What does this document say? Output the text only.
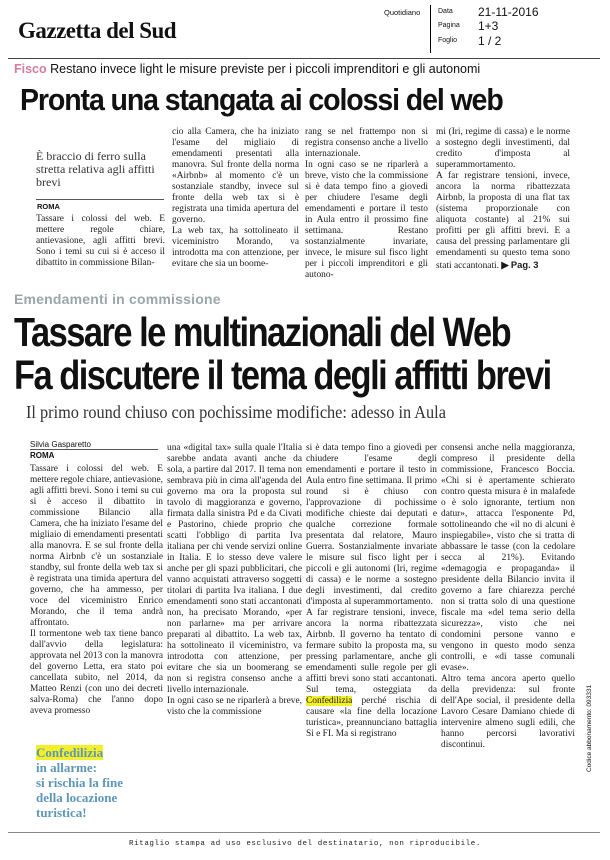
Gazzetta del Sud
Quotidiano	Data 21-11-2016
Pagina 1+3
Foglio 1 / 2
Fisco Restano invece light le misure previste per i piccoli imprenditori e gli autonomi
Pronta una stangata ai colossi del web
È braccio di ferro sulla stretta relativa agli affitti brevi
ROMA
Tassare i colossi del web. E mettere regole chiare, antievasione, agli affitti brevi. Sono i temi su cui si è acceso il dibattito in commissione Bilan-
cio alla Camera, che ha iniziato l'esame del migliaio di emendamenti presentati alla manovra. Sul fronte della norma «Airbnb» al momento c'è un sostanziale standby, invece sul fronte della web tax si è registrata una timida apertura del governo.
La web tax, ha sottolineato il viceministro Morando, va introdotta ma con attenzione, per evitare che sia un boome-
rang se nel frattempo non si registra consenso anche a livello internazionale.
In ogni caso se ne riparlerà a breve, visto che la commissione si è data tempo fino a giovedì per chiudere l'esame degli emendamenti e portare il testo in Aula entro il prossimo fine settimana. Restano sostanzialmente invariate, invece, le misure sul fisco light per i piccoli imprenditori e gli autono-
mi (Iri, regime di cassa) e le norme a sostegno degli investimenti, dal credito d'imposta al superammortamento.
A far registrare tensioni, invece, ancora la norma ribattezzata Airbnb, la proposta di una flat tax (sistema proporzionale con aliquota costante) al 21% sui profitti per gli affitti brevi. E a causa del pressing parlamentare gli emendamenti su questo tema sono stati accantonati. ▶ Pag. 3
Emendamenti in commissione
Tassare le multinazionali del Web
Fa discutere il tema degli affitti brevi
Il primo round chiuso con pochissime modifiche: adesso in Aula
Silvia Gasparetto
ROMA
Tassare i colossi del web. E mettere regole chiare, antievasione, agli affitti brevi. Sono i temi su cui si è acceso il dibattito in commissione Bilancio alla Camera, che ha iniziato l'esame del migliaio di emendamenti presentati alla manovra. E se sul fronte della norma Airbnb c'è un sostanziale standby, sul fronte della web tax si è registrata una timida apertura del governo, che ha ammesso, per voce del viceministro Enrico Morando, che il tema andrà affrontato.
Il tormentone web tax tiene banco dall'avvio della legislatura: approvata nel 2013 con la manovra del governo Letta, era stato poi cancellata subito, nel 2014, da Matteo Renzi (con uno dei decreti salva-Roma) che l'anno dopo aveva promesso
una «digital tax» sulla quale l'Italia sarebbe andata avanti anche da sola, a partire dal 2017. Il tema non sembrava più in cima all'agenda del governo ma ora la proposta sul tavolo di maggioranza e governo, firmata dalla sinistra Pd e da Civati e Pastorino, chiede proprio che scatti l'obbligo di partita Iva italiana per chi vende servizi online in Italia. E lo stesso deve valere anche per gli spazi pubblicitari, che vanno acquistati attraverso soggetti titolari di partita Iva italiana. I due emendamenti sono stati accantonati non, ha precisato Morando, «per non parlarne» ma per arrivare preparati al dibattito. La web tax, ha sottolineato il viceministro, va introdotta con attenzione, per evitare che sia un boomerang se non si registra consenso anche a livello internazionale.
In ogni caso se ne riparlerà a breve, visto che la commissione
si è data tempo fino a giovedì per chiudere l'esame degli emendamenti e portare il testo in Aula entro fine settimana. Il primo round si è chiuso con l'approvazione di pochissime modifiche chieste dai deputati e qualche correzione formale presentata dal relatore, Mauro Guerra. Sostanzialmente invariate le misure sul fisco light per i piccoli e gli autonomi (Iri, regime di cassa) e le norme a sostegno degli investimenti, dal credito d'imposta al superammortamento.
A far registrare tensioni, invece, ancora la norma ribattezzata Airbnb. Il governo ha tentato di fermare subito la proposta ma, su pressing parlamentare, anche gli emendamenti sulle regole per gli affitti brevi sono stati accantonati. Sul tema, osteggiata da Confedilizia perché rischia di causare «la fine della locazione turistica», preannunciano battaglia Si e FI. Ma si registrano
consensi anche nella maggioranza, compreso il presidente della commissione, Francesco Boccia. «Chi si è apertamente schierato contro questa misura è in malafede o è solo ignorante, tertium non datur», attacca l'esponente Pd, sottolineando che «il no di alcuni è inspiegabile», visto che si tratta di abbassare le tasse (con la cedolare secca al 21%). Evitando «demagogia e propaganda» il presidente della Bilancio invita il governo a fare chiarezza perché non si tratta solo di una questione fiscale ma «del tema serio della sicurezza», visto che nei condomini persone vanno e vengono in questo modo senza controlli, e «di tasse comunali evase».
Altro tema ancora aperto quello della previdenza: sul fronte dell'Ape social, il presidente della Lavoro Cesare Damiano chiede di intervenire almeno sugli edili, che hanno percorsi lavorativi discontinui.
Confedilizia
in allarme:
si rischia la fine
della locazione
turistica!
Codice abbonamento: 093331
Ritaglio stampa ad uso esclusivo del destinatario, non riproducibile.
